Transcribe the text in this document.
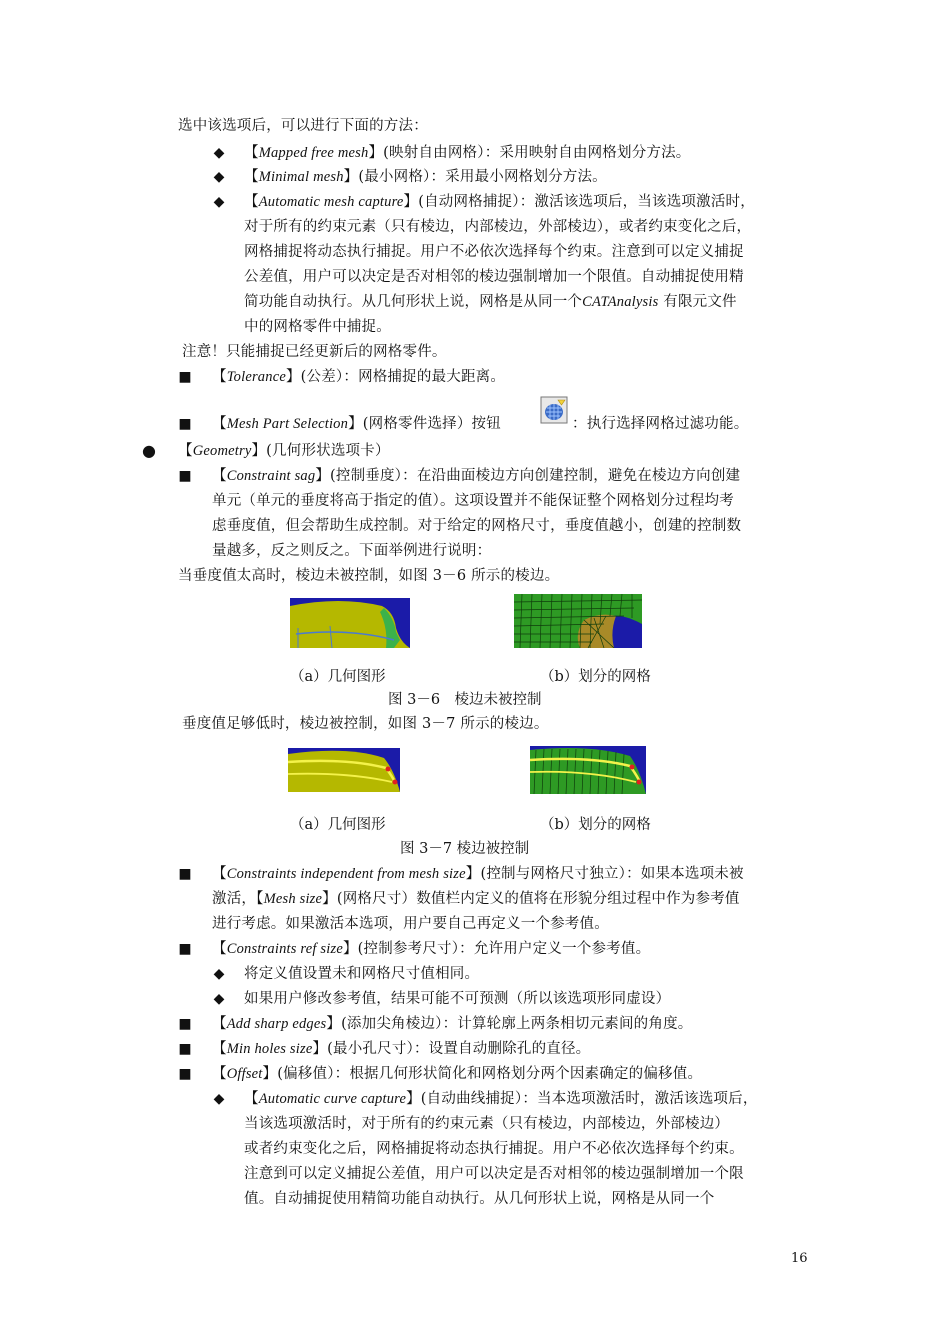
选中该选项后，可以进行下面的方法：
◆ 【Mapped free mesh】(映射自由网格）：采用映射自由网格划分方法。
◆ 【Minimal mesh】(最小网格）：采用最小网格划分方法。
◆ 【Automatic mesh capture】(自动网格捕捉）：激活该选项后，当该选项激活时，
对于所有的约束元素（只有棱边，内部棱边，外部棱边），或者约束变化之后，
网格捕捉将动态执行捕捉。用户不必依次选择每个约束。注意到可以定义捕捉
公差值，用户可以决定是否对相邻的棱边强制增加一个限值。自动捕捉使用精
简功能自动执行。从几何形状上说，网格是从同一个CATAnalysis 有限元文件
中的网格零件中捕捉。
注意！只能捕捉已经更新后的网格零件。
■ 【Tolerance】(公差）：网格捕捉的最大距离。
■ 【Mesh Part Selection】(网格零件选择）按钮	：执行选择网格过滤功能。
● 【Geometry】(几何形状选项卡）
■ 【Constraint sag】(控制垂度）：在沿曲面棱边方向创建控制，避免在棱边方向创建
单元（单元的垂度将高于指定的值）。这项设置并不能保证整个网格划分过程均考
虑垂度值，但会帮助生成控制。对于给定的网格尺寸，垂度值越小，创建的控制数
量越多，反之则反之。下面举例进行说明：
当垂度值太高时，棱边未被控制，如图 3－6 所示的棱边。
（a）几何图形	（b）划分的网格
图 3－6　棱边未被控制
垂度值足够低时，棱边被控制，如图 3－7 所示的棱边。
（a）几何图形	（b）划分的网格
图 3－7 棱边被控制
■ 【Constraints independent from mesh size】(控制与网格尺寸独立）：如果本选项未被
激活，【Mesh size】(网格尺寸）数值栏内定义的值将在形貌分组过程中作为参考值
进行考虑。如果激活本选项，用户要自己再定义一个参考值。
■ 【Constraints ref size】(控制参考尺寸）：允许用户定义一个参考值。
◆ 将定义值设置未和网格尺寸值相同。
◆ 如果用户修改参考值，结果可能不可预测（所以该选项形同虚设）
■ 【Add sharp edges】(添加尖角棱边）：计算轮廓上两条相切元素间的角度。
■ 【Min holes size】(最小孔尺寸）：设置自动删除孔的直径。
■ 【Offset】(偏移值）：根据几何形状简化和网格划分两个因素确定的偏移值。
◆ 【Automatic curve capture】(自动曲线捕捉）：当本选项激活时，激活该选项后，
当该选项激活时，对于所有的约束元素（只有棱边，内部棱边，外部棱边）
或者约束变化之后，网格捕捉将动态执行捕捉。用户不必依次选择每个约束。
注意到可以定义捕捉公差值，用户可以决定是否对相邻的棱边强制增加一个限
值。自动捕捉使用精简功能自动执行。从几何形状上说，网格是从同一个
16
